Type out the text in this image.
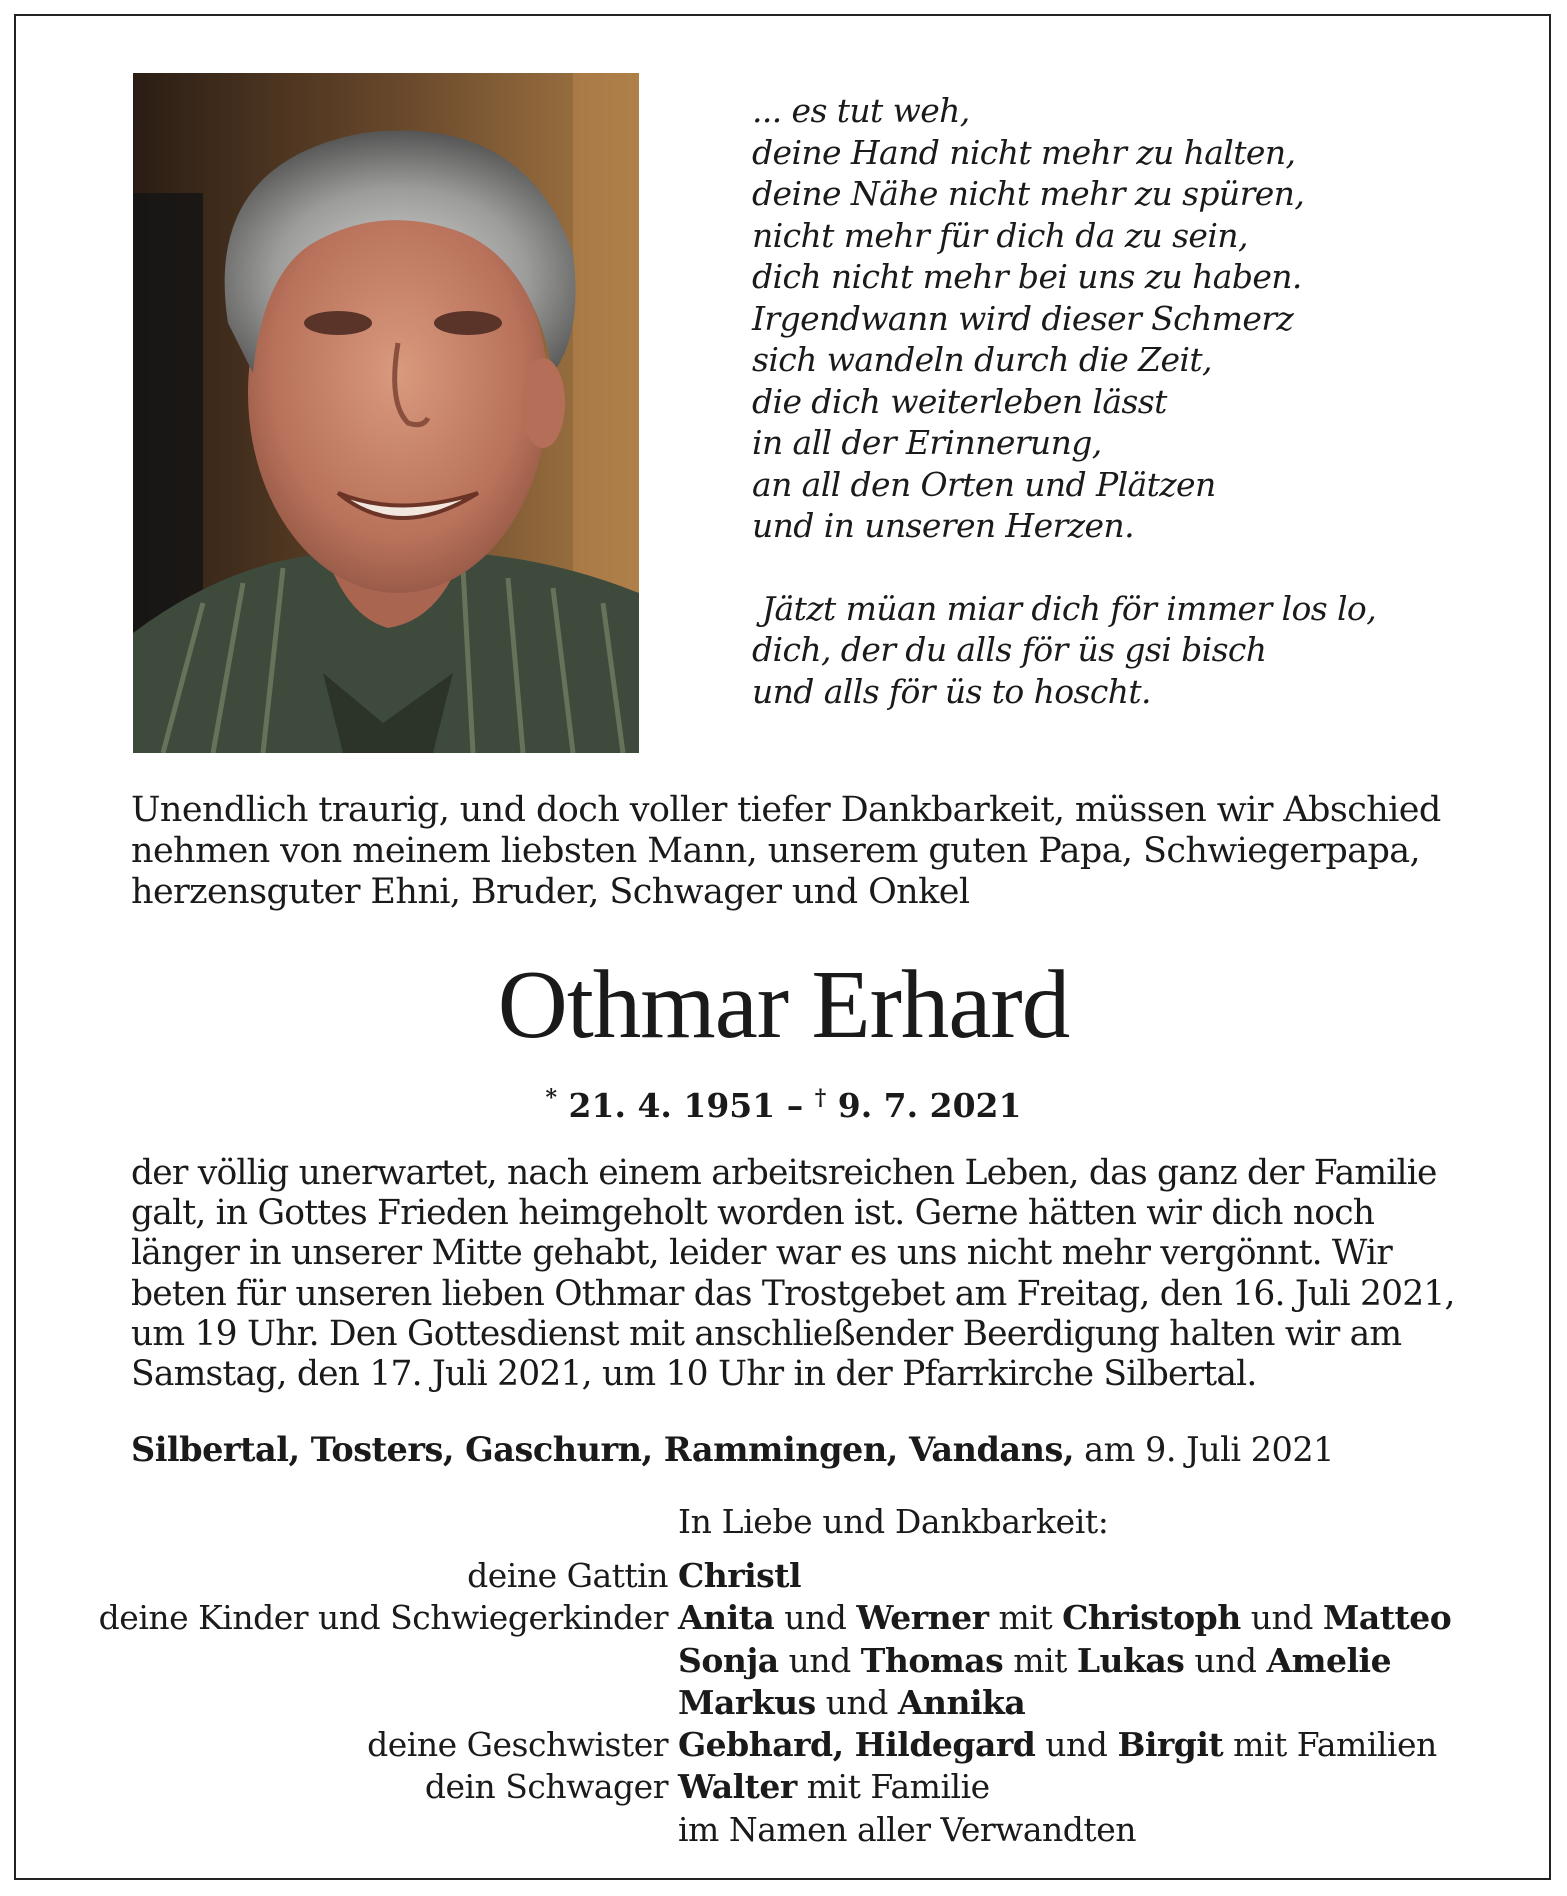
... es tut weh,
deine Hand nicht mehr zu halten,
deine Nähe nicht mehr zu spüren,
nicht mehr für dich da zu sein,
dich nicht mehr bei uns zu haben.
Irgendwann wird dieser Schmerz
sich wandeln durch die Zeit,
die dich weiterleben lässt
in all der Erinnerung,
an all den Orten und Plätzen
und in unseren Herzen.
Jätzt müan miar dich för immer los lo,
dich, der du alls för üs gsi bisch
und alls för üs to hoscht.
Unendlich traurig, und doch voller tiefer Dankbarkeit, müssen wir Abschied
nehmen von meinem liebsten Mann, unserem guten Papa, Schwiegerpapa,
herzensguter Ehni, Bruder, Schwager und Onkel
Othmar Erhard
* 21. 4. 1951 – † 9. 7. 2021
der völlig unerwartet, nach einem arbeitsreichen Leben, das ganz der Familie
galt, in Gottes Frieden heimgeholt worden ist. Gerne hätten wir dich noch
länger in unserer Mitte gehabt, leider war es uns nicht mehr vergönnt. Wir
beten für unseren lieben Othmar das Trostgebet am Freitag, den 16. Juli 2021,
um 19 Uhr. Den Gottesdienst mit anschließender Beerdigung halten wir am
Samstag, den 17. Juli 2021, um 10 Uhr in der Pfarrkirche Silbertal.
Silbertal, Tosters, Gaschurn, Rammingen, Vandans, am 9. Juli 2021
In Liebe und Dankbarkeit:
deine Gattin Christl
deine Kinder und Schwiegerkinder Anita und Werner mit Christoph und Matteo
Sonja und Thomas mit Lukas und Amelie
Markus und Annika
deine Geschwister Gebhard, Hildegard und Birgit mit Familien
dein Schwager Walter mit Familie
im Namen aller Verwandten
